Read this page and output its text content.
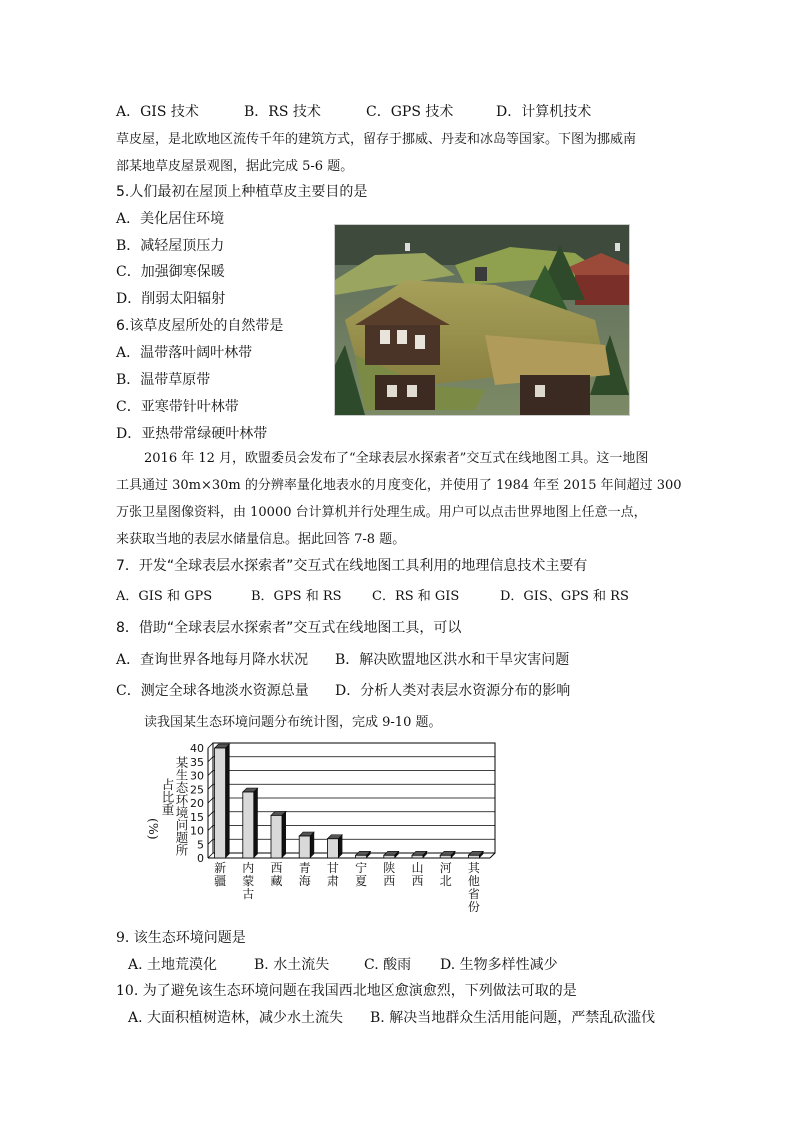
A．GIS 技术	B．RS 技术	C．GPS 技术	D．计算机技术
草皮屋，是北欧地区流传千年的建筑方式，留存于挪威、丹麦和冰岛等国家。下图为挪威南
部某地草皮屋景观图，据此完成 5-6 题。
5.人们最初在屋顶上种植草皮主要目的是
A．美化居住环境
B．减轻屋顶压力
C．加强御寒保暖
D．削弱太阳辐射
6.该草皮屋所处的自然带是
A．温带落叶阔叶林带
B．温带草原带
C．亚寒带针叶林带
D．亚热带常绿硬叶林带
2016 年 12 月，欧盟委员会发布了“全球表层水探索者”交互式在线地图工具。这一地图
工具通过 30m×30m 的分辨率量化地表水的月度变化，并使用了 1984 年至 2015 年间超过 300
万张卫星图像资料，由 10000 台计算机并行处理生成。用户可以点击世界地图上任意一点，
来获取当地的表层水储量信息。据此回答 7-8 题。
7．开发“全球表层水探索者”交互式在线地图工具利用的地理信息技术主要有
A．GIS 和 GPS	B．GPS 和 RS C．RS 和 GIS	D．GIS、GPS 和 RS
8．借助“全球表层水探索者”交互式在线地图工具，可以
A．查询世界各地每月降水状况 B．解决欧盟地区洪水和干旱灾害问题
C．测定全球各地淡水资源总量 D．分析人类对表层水资源分布的影响
读我国某生态环境问题分布统计图，完成 9-10 题。
某生态环境问题所
占比重
(%)
0
5
10
15
20
25
30
35
40
新
疆
内
蒙
古
西
藏
青
海
甘
肃
宁
夏
陕
西
山
西
河
北
其
他
省
份
9. 该生态环境问题是
A. 土地荒漠化	B. 水土流失 C. 酸雨 D. 生物多样性减少
10. 为了避免该生态环境问题在我国西北地区愈演愈烈，下列做法可取的是
A. 大面积植树造林，减少水土流失 B. 解决当地群众生活用能问题，严禁乱砍滥伐
